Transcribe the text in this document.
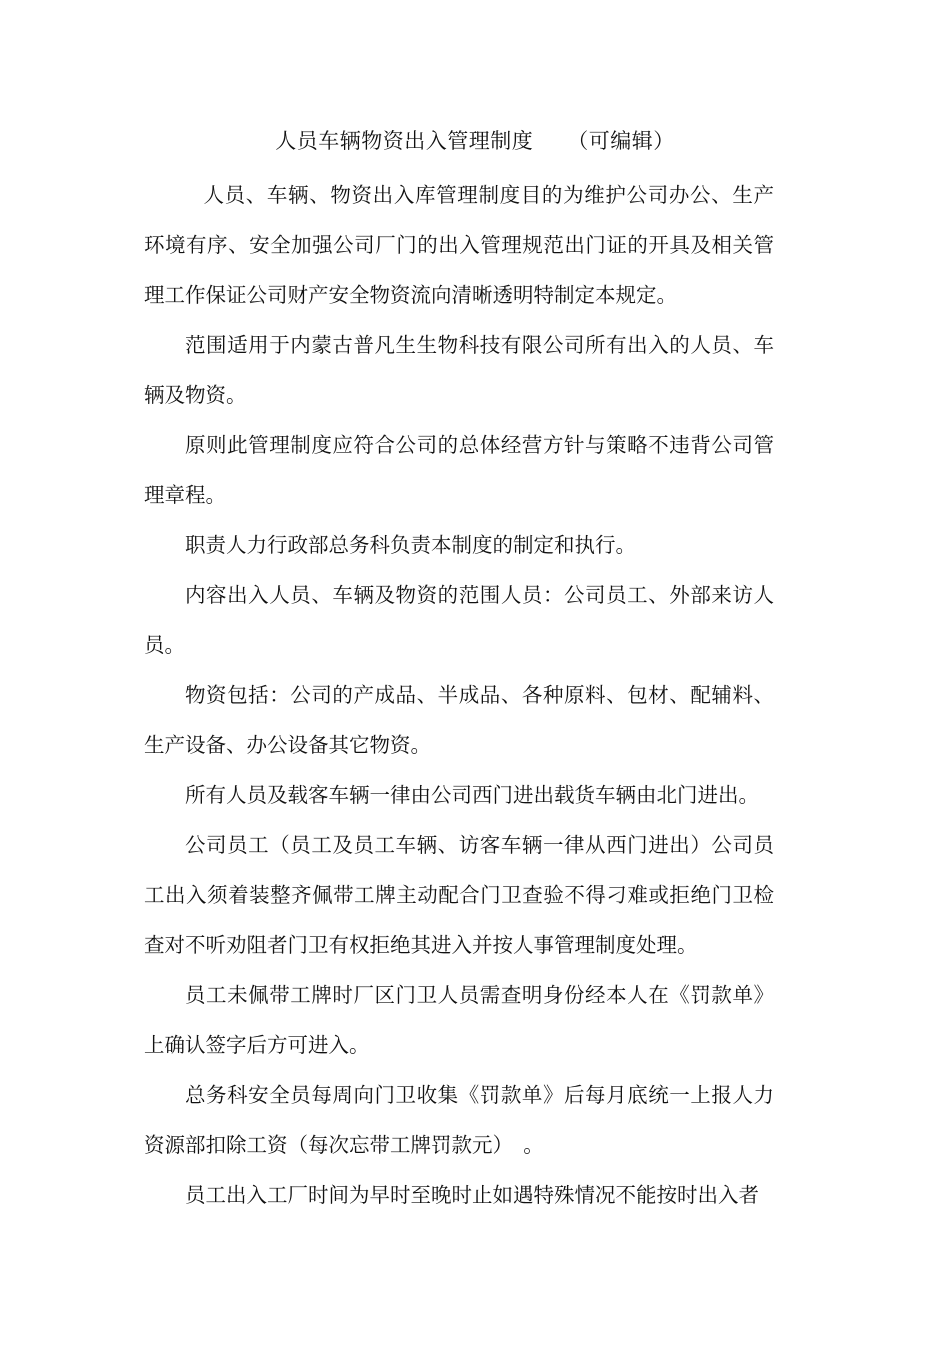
人员车辆物资出入管理制度 （可编辑）

人员、车辆、物资出入库管理制度目的为维护公司办公、生产环境有序、安全加强公司厂门的出入管理规范出门证的开具及相关管理工作保证公司财产安全物资流向清晰透明特制定本规定。

范围适用于内蒙古普凡生生物科技有限公司所有出入的人员、车辆及物资。

原则此管理制度应符合公司的总体经营方针与策略不违背公司管理章程。

职责人力行政部总务科负责本制度的制定和执行。

内容出入人员、车辆及物资的范围人员：公司员工、外部来访人员。

物资包括：公司的产成品、半成品、各种原料、包材、配辅料、生产设备、办公设备其它物资。

所有人员及载客车辆一律由公司西门进出载货车辆由北门进出。

公司员工（员工及员工车辆、访客车辆一律从西门进出）公司员工出入须着装整齐佩带工牌主动配合门卫查验不得刁难或拒绝门卫检查对不听劝阻者门卫有权拒绝其进入并按人事管理制度处理。

员工未佩带工牌时厂区门卫人员需查明身份经本人在《罚款单》上确认签字后方可进入。

总务科安全员每周向门卫收集《罚款单》后每月底统一上报人力资源部扣除工资（每次忘带工牌罚款元）　。

员工出入工厂时间为早时至晚时止如遇特殊情况不能按时出入者
